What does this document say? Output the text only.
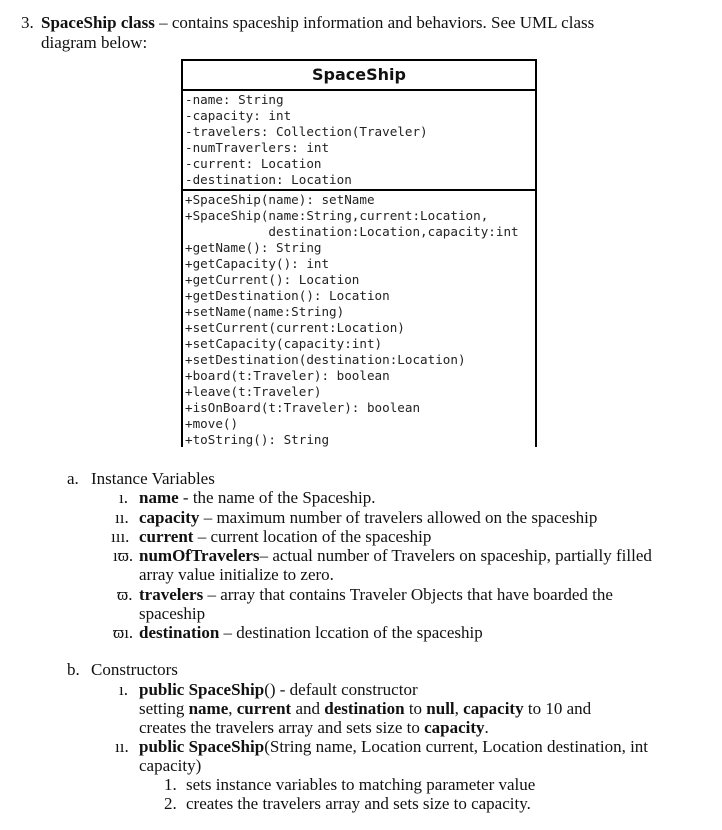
3. SpaceShip class – contains spaceship information and behaviors. See UML class
diagram below:
SpaceShip
-name: String
-capacity: int
-travelers: Collection(Traveler)
-numTraverlers: int
-current: Location
-destination: Location
+SpaceShip(name): setName
+SpaceShip(name:String,current:Location,
destination:Location,capacity:int
+getName(): String
+getCapacity(): int
+getCurrent(): Location
+getDestination(): Location
+setName(name:String)
+setCurrent(current:Location)
+setCapacity(capacity:int)
+setDestination(destination:Location)
+board(t:Traveler): boolean
+leave(t:Traveler)
+isOnBoard(t:Traveler): boolean
+move()
+toString(): String
a. Instance Variables
ı. name - the name of the Spaceship.
ıı. capacity – maximum number of travelers allowed on the spaceship
ııı. current – current location of the spaceship
ıϖ. numOfTravelers– actual number of Travelers on spaceship, partially filled
array value initialize to zero.
ϖ. travelers – array that contains Traveler Objects that have boarded the
spaceship
ϖı. destination – destination lccation of the spaceship
b. Constructors
ı. public SpaceShip() - default constructor
setting name, current and destination to null, capacity to 10 and
creates the travelers array and sets size to capacity.
ıı. public SpaceShip(String name, Location current, Location destination, int
capacity)
1. sets instance variables to matching parameter value
2. creates the travelers array and sets size to capacity.
